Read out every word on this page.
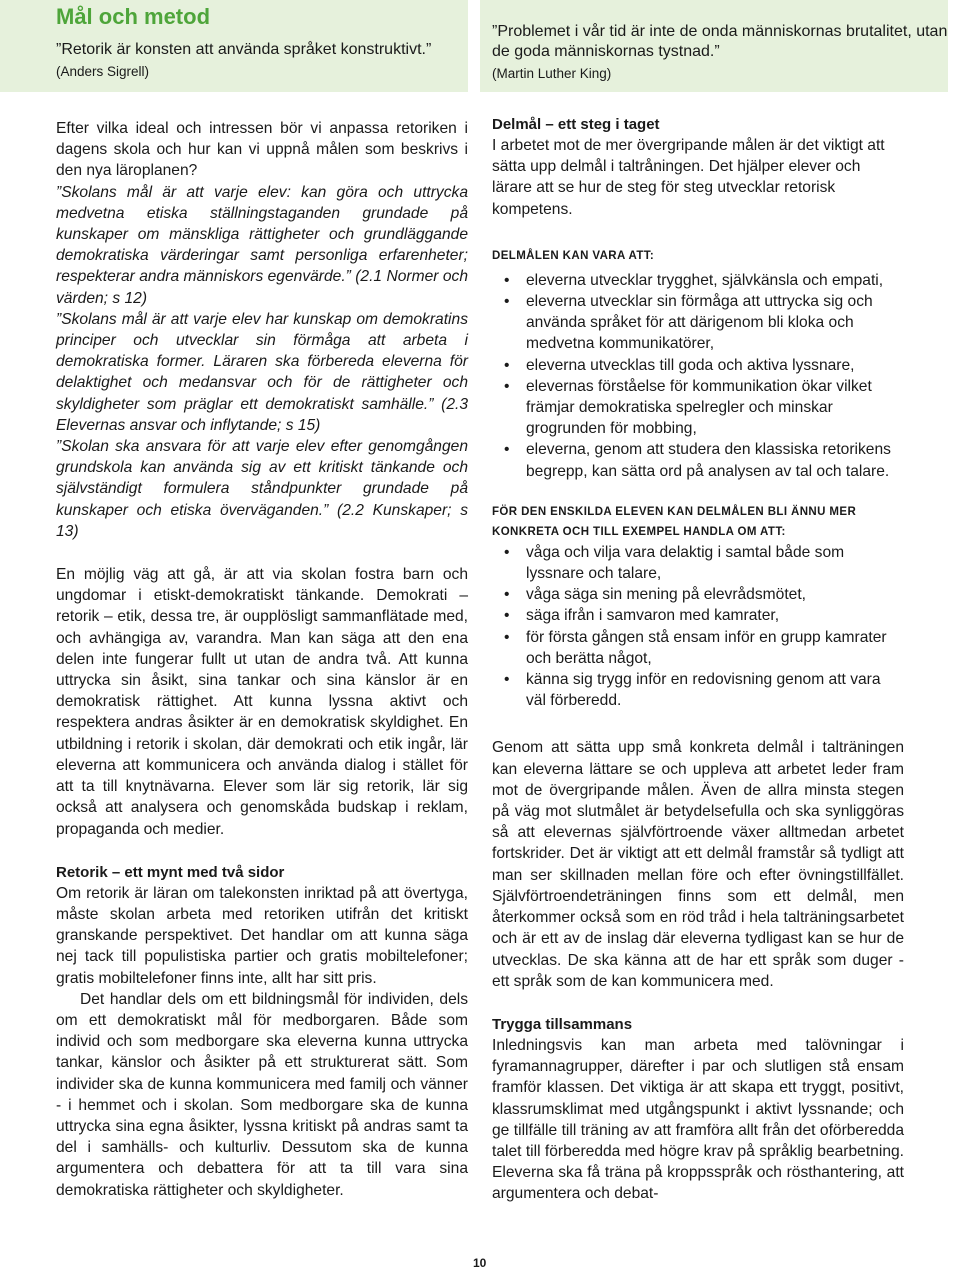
Mål och metod

”Retorik är konsten att använda språket konstruktivt.”

(Anders Sigrell)

Efter vilka ideal och intressen bör vi anpassa retoriken i dagens skola och hur kan vi uppnå målen som beskrivs i den nya läroplanen?

”Skolans mål är att varje elev: kan göra och uttrycka medvetna etiska ställningstaganden grundade på kunskaper om mänskliga rättigheter och grundläggande demokratiska värderingar samt personliga erfarenheter; respekterar andra människors egenvärde.” (2.1 Normer och värden; s 12)

”Skolans mål är att varje elev har kunskap om demokratins principer och utvecklar sin förmåga att arbeta i demokratiska former. Läraren ska förbereda eleverna för delaktighet och medansvar och för de rättigheter och skyldigheter som präglar ett demokratiskt samhälle.” (2.3 Elevernas ansvar och inflytande; s 15)

”Skolan ska ansvara för att varje elev efter genomgången grundskola kan använda sig av ett kritiskt tänkande och självständigt formulera ståndpunkter grundade på kunskaper och etiska överväganden.” (2.2 Kunskaper; s 13)

En möjlig väg att gå, är att via skolan fostra barn och ungdomar i etiskt-demokratiskt tänkande. Demokrati – retorik – etik, dessa tre, är oupplösligt sammanflätade med, och avhängiga av, varandra. Man kan säga att den ena delen inte fungerar fullt ut utan de andra två. Att kunna uttrycka sin åsikt, sina tankar och sina känslor är en demokratisk rättighet. Att kunna lyssna aktivt och respektera andras åsikter är en demokratisk skyldighet. En utbildning i retorik i skolan, där demokrati och etik ingår, lär eleverna att kommunicera och använda dialog i stället för att ta till knytnävarna. Elever som lär sig retorik, lär sig också att analysera och genomskåda budskap i reklam, propaganda och medier.

Retorik – ett mynt med två sidor

Om retorik är läran om talekonsten inriktad på att övertyga, måste skolan arbeta med retoriken utifrån det kritiskt granskande perspektivet. Det handlar om att kunna säga nej tack till populistiska partier och gratis mobiltelefoner; gratis mobiltelefoner finns inte, allt har sitt pris.

Det handlar dels om ett bildningsmål för individen, dels om ett demokratiskt mål för medborgaren. Både som individ och som medborgare ska eleverna kunna uttrycka tankar, känslor och åsikter på ett strukturerat sätt. Som individer ska de kunna kommunicera med familj och vänner - i hemmet och i skolan. Som medborgare ska de kunna uttrycka sina egna åsikter, lyssna kritiskt på andras samt ta del i samhälls- och kulturliv. Dessutom ska de kunna argumentera och debattera för att ta till vara sina demokratiska rättigheter och skyldigheter.

”Problemet i vår tid är inte de onda människornas brutalitet, utan de goda människornas tystnad.”

(Martin Luther King)

Delmål – ett steg i taget

I arbetet mot de mer övergripande målen är det viktigt att sätta upp delmål i taltråningen. Det hjälper elever och lärare att se hur de steg för steg utvecklar retorisk kompetens.

DELMÅLEN KAN VARA ATT:

• eleverna utvecklar trygghet, självkänsla och empati,
• eleverna utvecklar sin förmåga att uttrycka sig och använda språket för att därigenom bli kloka och medvetna kommunikatörer,
• eleverna utvecklas till goda och aktiva lyssnare,
• elevernas förståelse för kommunikation ökar vilket främjar demokratiska spelregler och minskar grogrunden för mobbing,
• eleverna, genom att studera den klassiska retorikens begrepp, kan sätta ord på analysen av tal och talare.

FÖR DEN ENSKILDA ELEVEN KAN DELMÅLEN BLI ÄNNU MER KONKRETA OCH TILL EXEMPEL HANDLA OM ATT:

• våga och vilja vara delaktig i samtal både som lyssnare och talare,
• våga säga sin mening på elevrådsmötet,
• säga ifrån i samvaron med kamrater,
• för första gången stå ensam inför en grupp kamrater och berätta något,
• känna sig trygg inför en redovisning genom att vara väl förberedd.

Genom att sätta upp små konkreta delmål i talträningen kan eleverna lättare se och uppleva att arbetet leder fram mot de övergripande målen. Även de allra minsta stegen på väg mot slutmålet är betydelsefulla och ska synliggöras så att elevernas självförtroende växer alltmedan arbetet fortskrider. Det är viktigt att ett delmål framstår så tydligt att man ser skillnaden mellan före och efter övningstillfället. Självförtroendeträningen finns som ett delmål, men återkommer också som en röd tråd i hela talträningsarbetet och är ett av de inslag där eleverna tydligast kan se hur de utvecklas. De ska känna att de har ett språk som duger - ett språk som de kan kommunicera med.

Trygga tillsammans

Inledningsvis kan man arbeta med talövningar i fyramannagrupper, därefter i par och slutligen stå ensam framför klassen. Det viktiga är att skapa ett tryggt, positivt, klassrumsklimat med utgångspunkt i aktivt lyssnande; och ge tillfälle till träning av att framföra allt från det oförberedda talet till förberedda med högre krav på språklig bearbetning. Eleverna ska få träna på kroppsspråk och rösthantering, att argumentera och debat-

10
